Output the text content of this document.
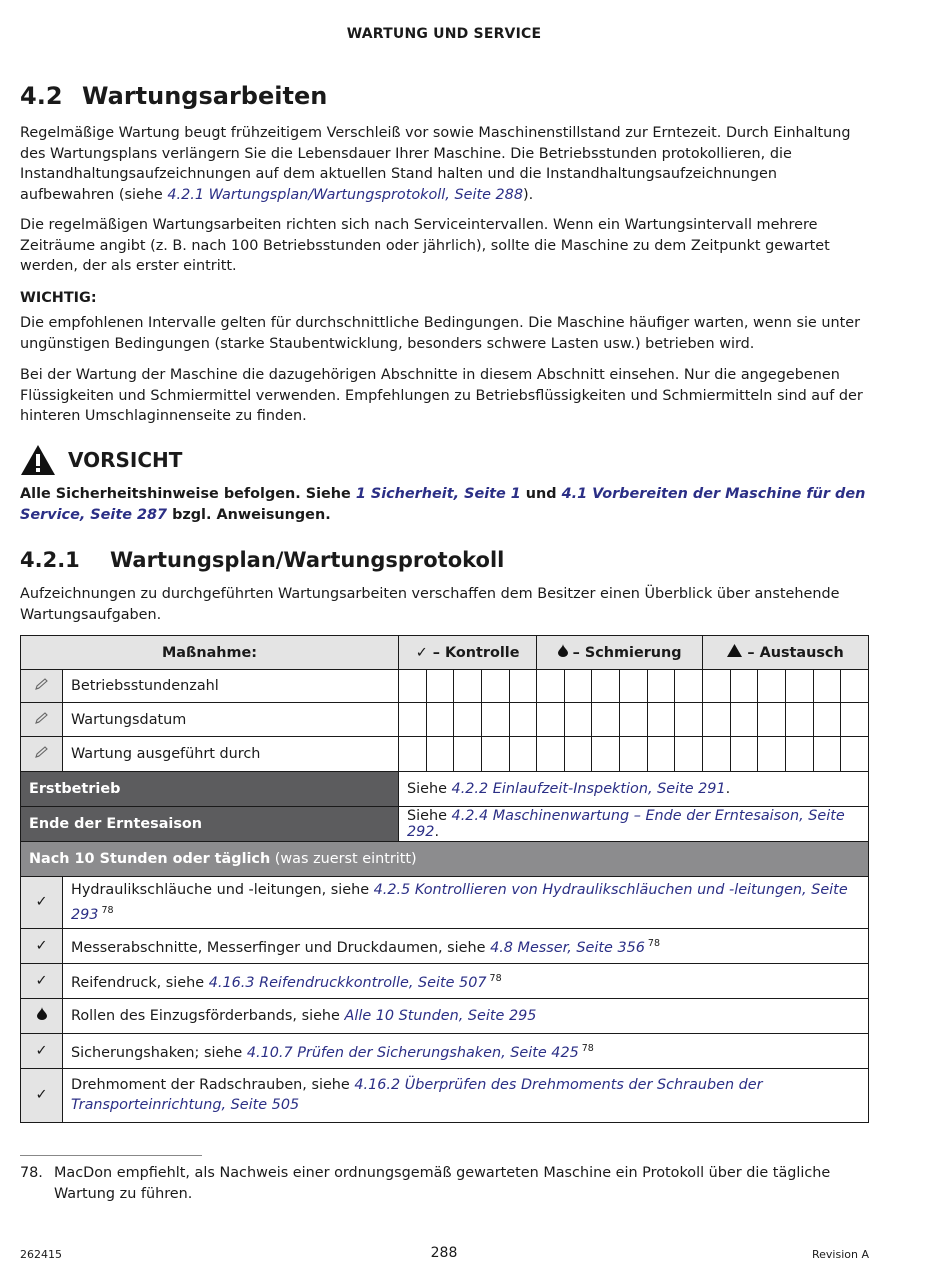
WARTUNG UND SERVICE
4.2 Wartungsarbeiten

Regelmäßige Wartung beugt frühzeitigem Verschleiß vor sowie Maschinenstillstand zur Erntezeit. Durch Einhaltung des Wartungsplans verlängern Sie die Lebensdauer Ihrer Maschine. Die Betriebsstunden protokollieren, die Instandhaltungsaufzeichnungen auf dem aktuellen Stand halten und die Instandhaltungsaufzeichnungen aufbewahren (siehe 4.2.1 Wartungsplan/Wartungsprotokoll, Seite 288).

Die regelmäßigen Wartungsarbeiten richten sich nach Serviceintervallen. Wenn ein Wartungsintervall mehrere Zeiträume angibt (z. B. nach 100 Betriebsstunden oder jährlich), sollte die Maschine zu dem Zeitpunkt gewartet werden, der als erster eintritt.

WICHTIG:

Die empfohlenen Intervalle gelten für durchschnittliche Bedingungen. Die Maschine häufiger warten, wenn sie unter ungünstigen Bedingungen (starke Staubentwicklung, besonders schwere Lasten usw.) betrieben wird.

Bei der Wartung der Maschine die dazugehörigen Abschnitte in diesem Abschnitt einsehen. Nur die angegebenen Flüssigkeiten und Schmiermittel verwenden. Empfehlungen zu Betriebsflüssigkeiten und Schmiermitteln sind auf der hinteren Umschlaginnenseite zu finden.

VORSICHT

Alle Sicherheitshinweise befolgen. Siehe 1 Sicherheit, Seite 1 und 4.1 Vorbereiten der Maschine für den Service, Seite 287 bzgl. Anweisungen.

4.2.1 Wartungsplan/Wartungsprotokoll

Aufzeichnungen zu durchgeführten Wartungsarbeiten verschaffen dem Besitzer einen Überblick über anstehende Wartungsaufgaben.

Maßnahme:		✓ – Kontrolle					– Schmierung						– Austausch					
	Betriebsstundenzahl																	
	Wartungsdatum																	
	Wartung ausgeführt durch																	
Erstbetrieb		Siehe 4.2.2 Einlaufzeit-Inspektion, Seite 291.																
Ende der Erntesaison		Siehe 4.2.4 Maschinenwartung – Ende der Erntesaison, Seite 292.																
Nach 10 Stunden oder täglich (was zuerst eintritt)																		
✓	Hydraulikschläuche und -leitungen, siehe 4.2.5 Kontrollieren von Hydraulikschläuchen und -leitungen, Seite 293 $^{78}$
✓	Messerabschnitte, Messerfinger und Druckdaumen, siehe 4.8 Messer, Seite 356 $^{78}$
✓	Reifendruck, siehe 4.16.3 Reifendruckkontrolle, Seite 507 $^{78}$
	Rollen des Einzugsförderbands, siehe Alle 10 Stunden, Seite 295																	
✓	Sicherungshaken; siehe 4.10.7 Prüfen der Sicherungshaken, Seite 425 $^{78}$
✓	Drehmoment der Radschrauben, siehe 4.16.2 Überprüfen des Drehmoments der Schrauben der Transporteinrichtung, Seite 505																	
78. MacDon empfiehlt, als Nachweis einer ordnungsgemäß gewarteten Maschine ein Protokoll über die tägliche Wartung zu führen.
262415	288	Revision A
